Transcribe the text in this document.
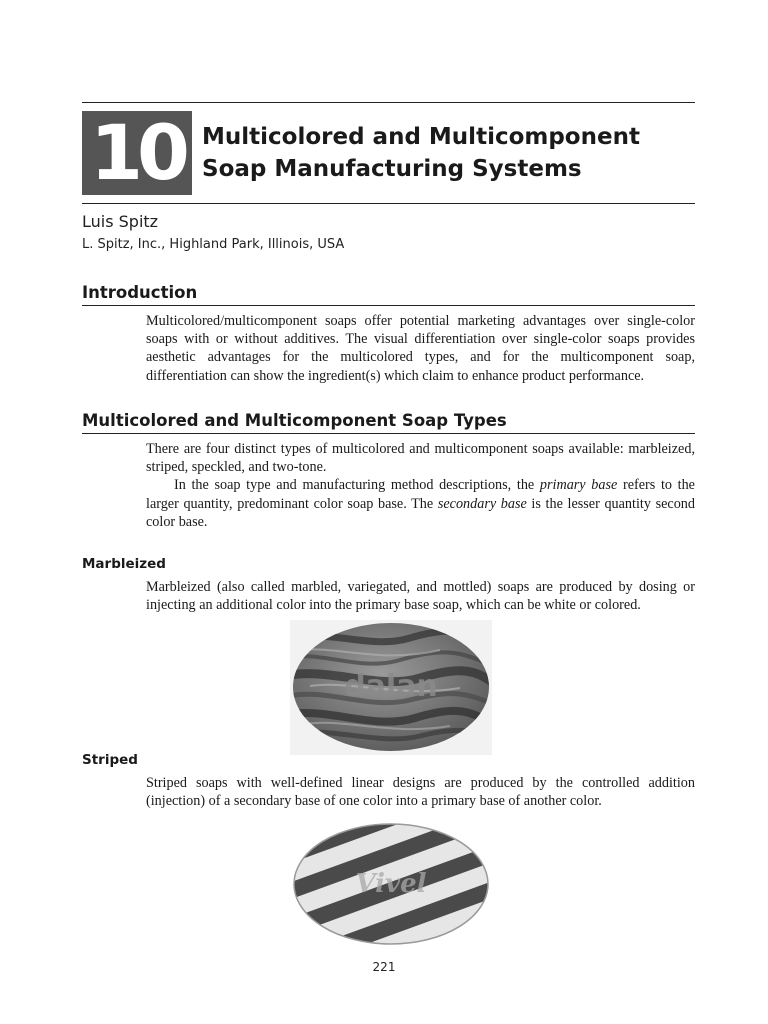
10 Multicolored and Multicomponent
Soap Manufacturing Systems
Luis Spitz
L. Spitz, Inc., Highland Park, Illinois, USA
Introduction

Multicolored/multicomponent soaps offer potential marketing advantages over single-color soaps with or without additives. The visual differentiation over single-color soaps provides aesthetic advantages for the multicolored types, and for the multicomponent soap, differentiation can show the ingredient(s) which claim to enhance product performance.

Multicolored and Multicomponent Soap Types

There are four distinct types of multicolored and multicomponent soaps available: marbleized, striped, speckled, and two-tone.

In the soap type and manufacturing method descriptions, the primary base refers to the larger quantity, predominant color soap base. The secondary base is the lesser quantity second color base.

Marbleized

Marbleized (also called marbled, variegated, and mottled) soaps are produced by dosing or injecting an additional color into the primary base soap, which can be white or colored.

dalan
Striped

Striped soaps with well-defined linear designs are produced by the controlled addition (injection) of a secondary base of one color into a primary base of another color.

Vivel
221
